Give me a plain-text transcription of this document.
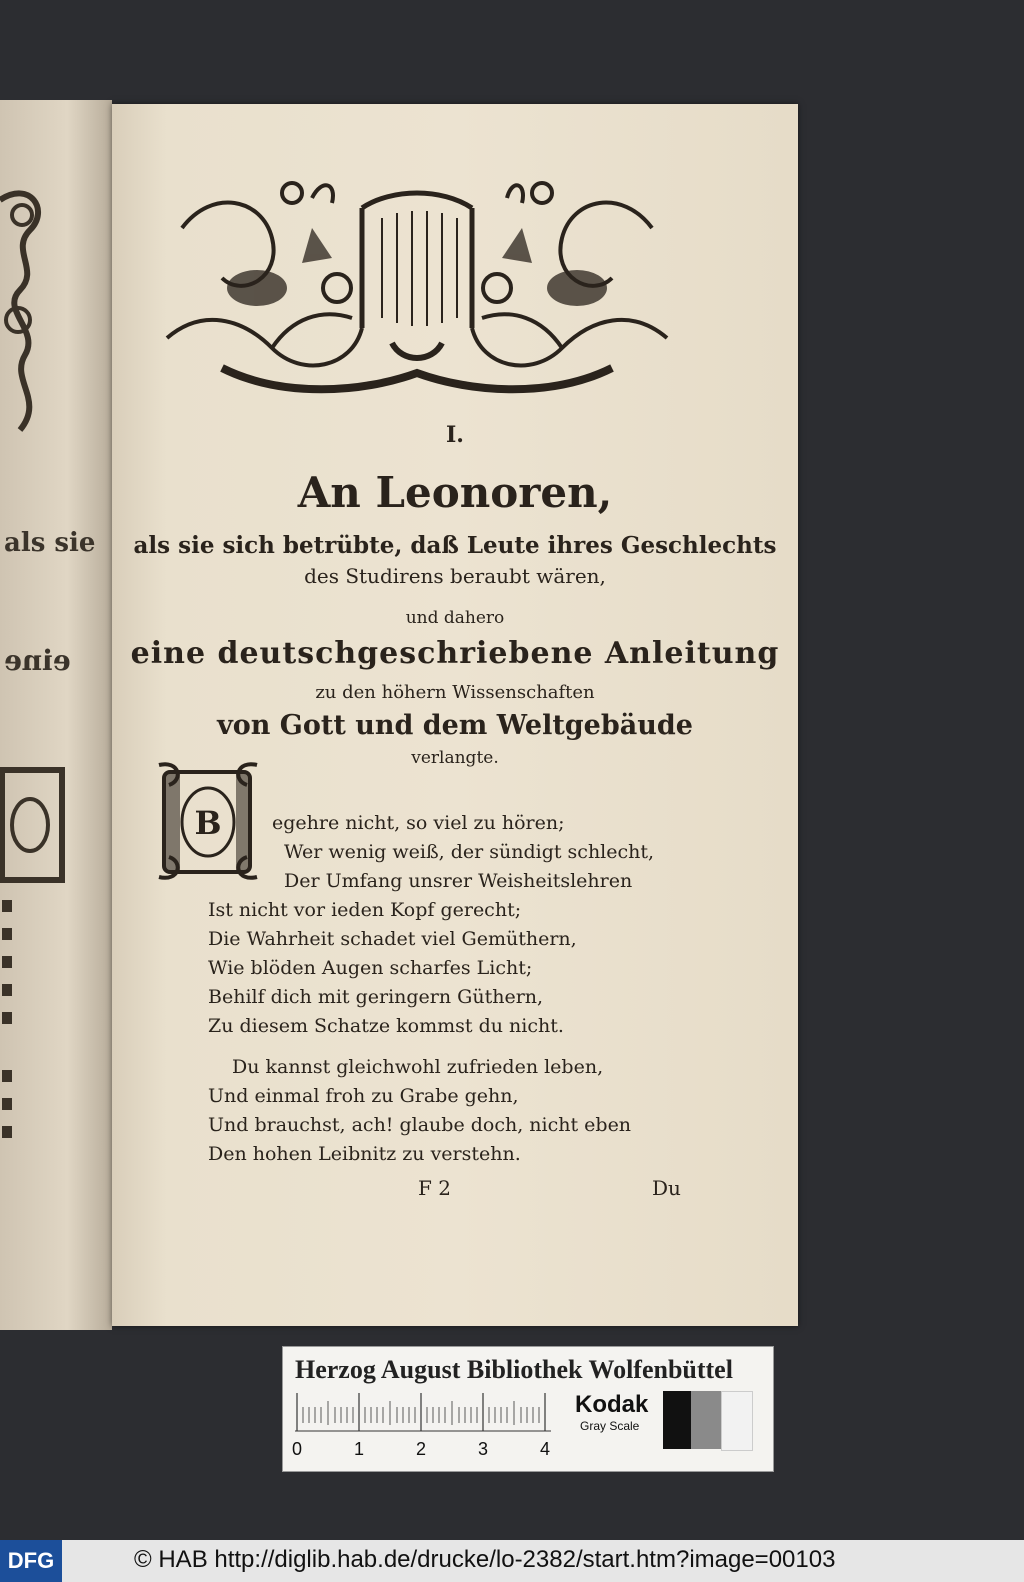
als sie
eine
I.
An Leonoren,
als sie sich betrübte, daß Leute ihres Geschlechts
des Studirens beraubt wären,
und dahero
eine deutschgeschriebene Anleitung
zu den höhern Wissenschaften
von Gott und dem Weltgebäude
verlangte.
B	egehre nicht, so viel zu hören;
Wer wenig weiß, der sündigt schlecht,
Der Umfang unsrer Weisheitslehren
Ist nicht vor ieden Kopf gerecht;
Die Wahrheit schadet viel Gemüthern,
Wie blöden Augen scharfes Licht;
Behilf dich mit geringern Güthern,
Zu diesem Schatze kommst du nicht.
Du kannst gleichwohl zufrieden leben,
Und einmal froh zu Grabe gehn,
Und brauchst, ach! glaube doch, nicht eben
Den hohen Leibnitz zu verstehn.
F 2	Du
Herzog August Bibliothek Wolfenbüttel
0	1	2	3	4
Kodak
Gray Scale
DFG	© HAB http://diglib.hab.de/drucke/lo-2382/start.htm?image=00103
